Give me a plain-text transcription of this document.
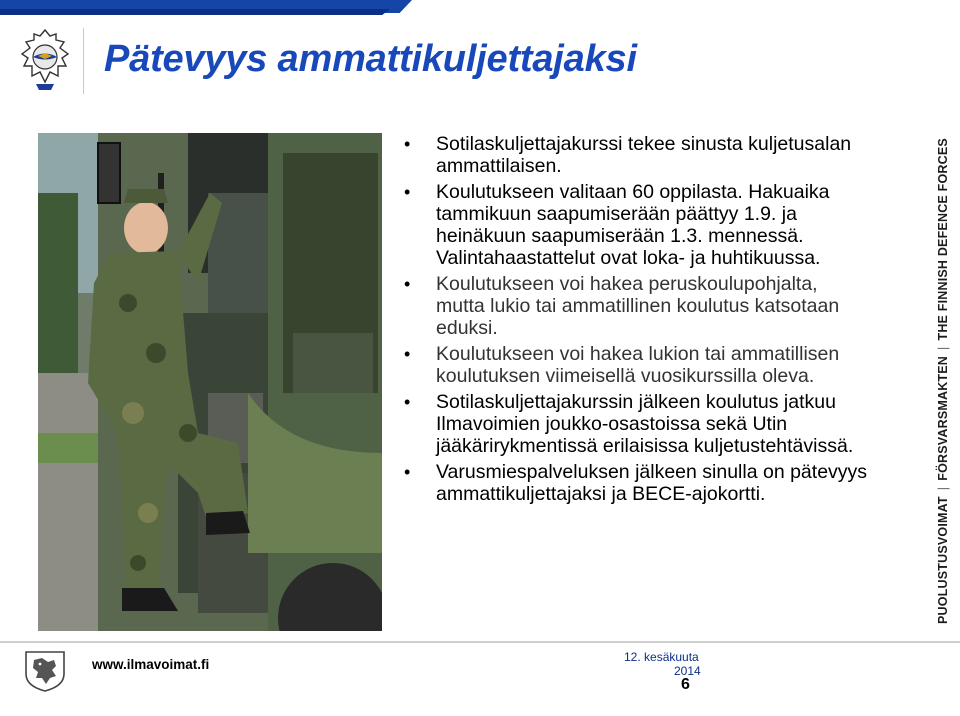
Pätevyys ammattikuljettajaksi
• Sotilaskuljettajakurssi tekee sinusta kuljetusalan ammattilaisen.
• Koulutukseen valitaan 60 oppilasta. Hakuaika tammikuun saapumiserään päättyy 1.9. ja heinäkuun saapumiserään 1.3. mennessä. Valintahaastattelut ovat loka- ja huhtikuussa.
• Koulutukseen voi hakea peruskoulupohjalta, mutta lukio tai ammatillinen koulutus katsotaan eduksi.
• Koulutukseen voi hakea lukion tai ammatillisen koulutuksen viimeisellä vuosikurssilla oleva.
• Sotilaskuljettajakurssin jälkeen koulutus jatkuu Ilmavoimien joukko-osastoissa sekä Utin jääkärirykmentissä erilaisissa kuljetustehtävissä.
• Varusmiespalveluksen jälkeen sinulla on pätevyys ammattikuljettajaksi ja BECE-ajokortti.
PUOLUSTUSVOIMAT|FÖRSVARSMAKTEN|THE FINNISH DEFENCE FORCES
www.ilmavoimat.fi	12. kesäkuuta
2014
6
